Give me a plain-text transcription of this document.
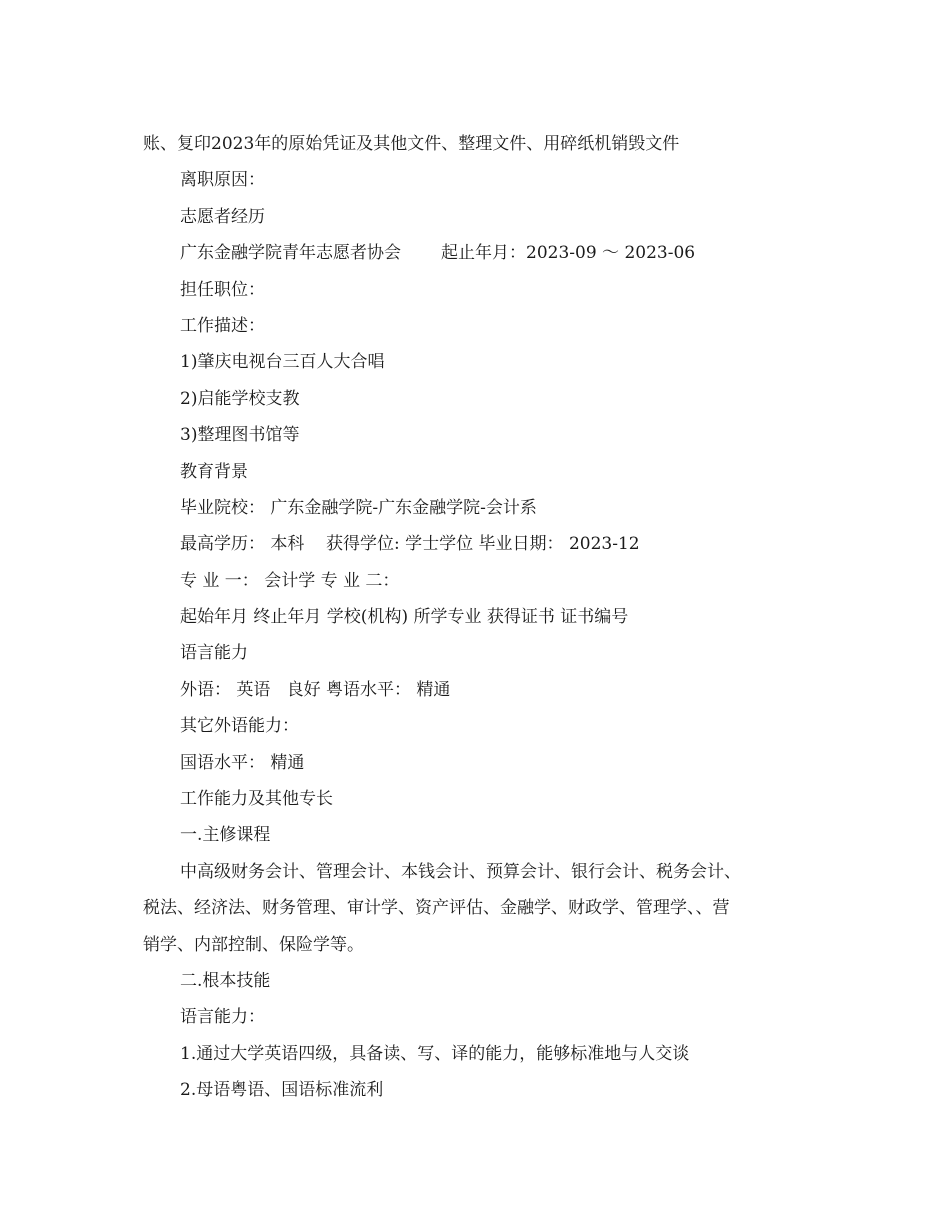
账、复印2023年的原始凭证及其他文件、整理文件、用碎纸机销毁文件
离职原因：
志愿者经历
广东金融学院青年志愿者协会 起止年月：2023-09 ～ 2023-06
担任职位：
工作描述：
1)肇庆电视台三百人大合唱
2)启能学校支教
3)整理图书馆等
教育背景
毕业院校： 广东金融学院-广东金融学院-会计系
最高学历： 本科    获得学位: 学士学位 毕业日期： 2023-12
专 业 一： 会计学 专 业 二：
起始年月 终止年月 学校(机构) 所学专业 获得证书 证书编号
语言能力
外语： 英语   良好 粤语水平： 精通
其它外语能力：
国语水平： 精通
工作能力及其他专长
一.主修课程
中高级财务会计、管理会计、本钱会计、预算会计、银行会计、税务会计、
税法、经济法、财务管理、审计学、资产评估、金融学、财政学、管理学、、营
销学、内部控制、保险学等。
二.根本技能
语言能力：
1.通过大学英语四级，具备读、写、译的能力，能够标准地与人交谈
2.母语粤语、国语标准流利
